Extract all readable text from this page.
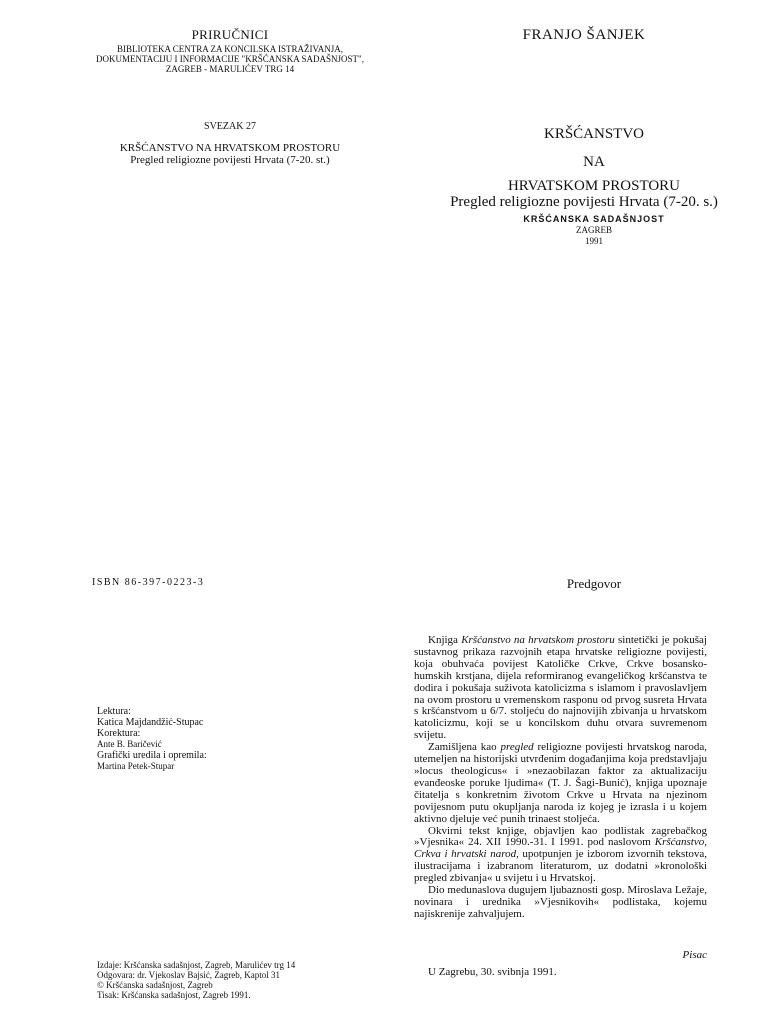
PRIRUČNICI
BIBLIOTEKA CENTRA ZA KONCILSKA ISTRAŽIVANJA,
DOKUMENTACIJU I INFORMACIJE "KRŠĆANSKA SADAŠNJOST",
ZAGREB - MARULIĆEV TRG 14
SVEZAK 27
KRŠĆANSTVO NA HRVATSKOM PROSTORU
Pregled religiozne povijesti Hrvata (7-20. st.)
ISBN 86-397-0223-3
Lektura:
Katica Majdandžić-Stupac
Korektura:
Ante B. Baričević
Grafički uredila i opremila:
Martina Petek-Stupar
Izdaje: Kršćanska sadašnjost, Zagreb, Marulićev trg 14
Odgovara: dr. Vjekoslav Bajsić, Zagreb, Kaptol 31
© Kršćanska sadašnjost, Zagreb
Tisak: Kršćanska sadašnjost, Zagreb 1991.
FRANJO ŠANJEK
KRŠĆANSTVO
NA
HRVATSKOM PROSTORU
Pregled religiozne povijesti Hrvata (7-20. s.)
KRŠĆANSKA SADAŠNJOST
ZAGREB
1991
Predgovor

Knjiga Kršćanstvo na hrvatskom prostoru sintetički je pokušaj sustavnog prikaza razvojnih etapa hrvatske religiozne povijesti, koja obuhvaća povijest Katoličke Crkve, Crkve bosansko-humskih krstjana, dijela reformiranog evangeličkog kršćanstva te dodira i pokušaja suživota katolicizma s islamom i pravoslavljem na ovom prostoru u vremenskom rasponu od prvog susreta Hrvata s kršćanstvom u 6/7. stoljeću do najnovijih zbivanja u hrvatskom katolicizmu, koji se u koncilskom duhu otvara suvremenom svijetu.

Zamišljena kao pregled religiozne povijesti hrvatskog naroda, utemeljen na historijski utvrđenim događanjima koja predstavljaju »locus theologicus« i »nezaobilazan faktor za aktualizaciju evanđeoske poruke ljudima« (T. J. Šagi-Bunić), knjiga upoznaje čitatelja s konkretnim životom Crkve u Hrvata na njezinom povijesnom putu okupljanja naroda iz kojeg je izrasla i u kojem aktivno djeluje već punih trinaest stoljeća.

Okvirni tekst knjige, objavljen kao podlistak zagrebačkog »Vjesnika« 24. XII 1990.-31. I 1991. pod naslovom Kršćanstvo, Crkva i hrvatski narod, upotpunjen je izborom izvornih tekstova, ilustracijama i izabranom literaturom, uz dodatni »kronološki pregled zbivanja« u svijetu i u Hrvatskoj.

Dio medunaslova dugujem ljubaznosti gosp. Miroslava Ležaje, novinara i urednika »Vjesnikovih« podlistaka, kojemu najiskrenije zahvaljujem.

Pisac
U Zagrebu, 30. svibnja 1991.
